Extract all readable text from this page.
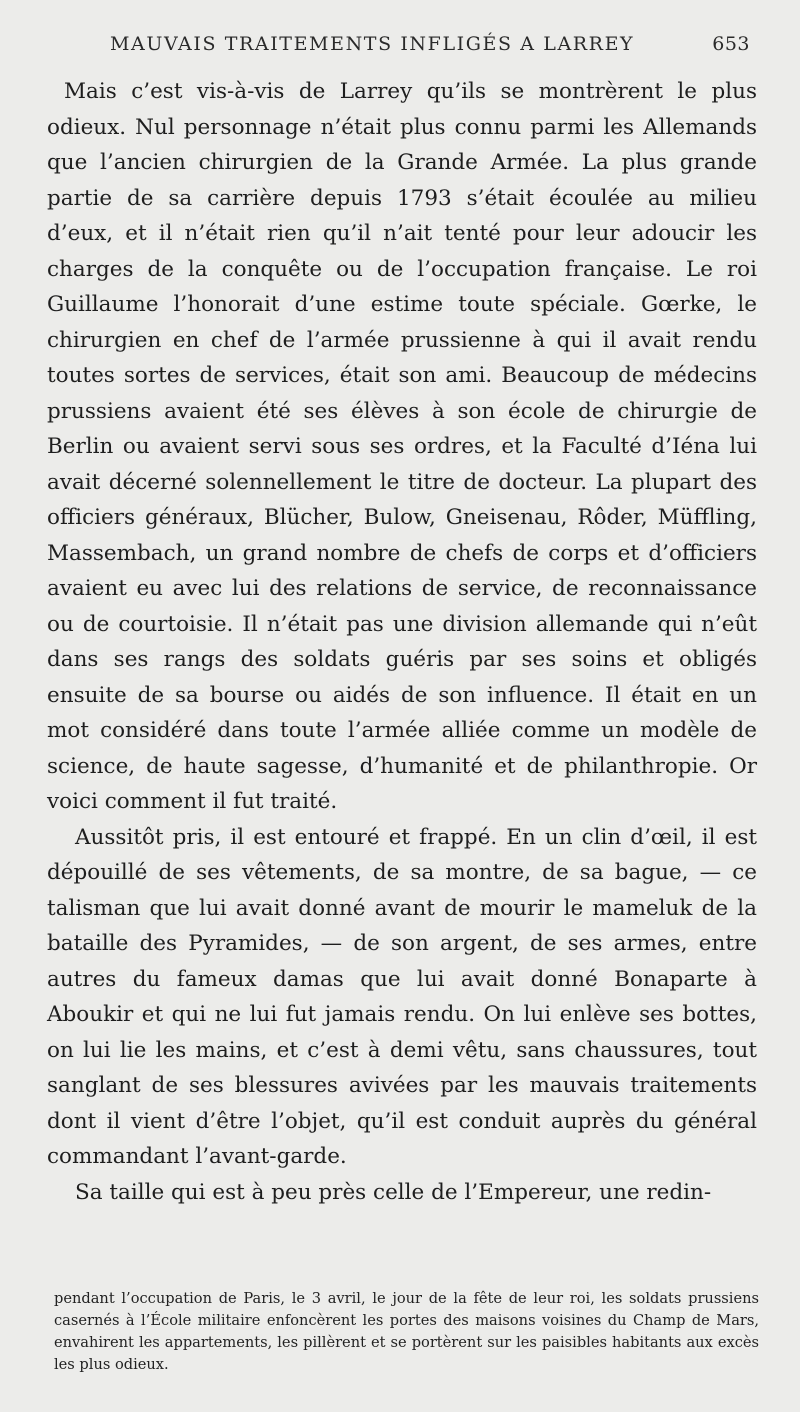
MAUVAIS TRAITEMENTS INFLIGÉS A LARREY	653

Mais c’est vis-à-vis de Larrey qu’ils se montrèrent le plus odieux. Nul personnage n’était plus connu parmi les Allemands que l’ancien chirurgien de la Grande Armée. La plus grande partie de sa carrière depuis 1793 s’était écoulée au milieu d’eux, et il n’était rien qu’il n’ait tenté pour leur adoucir les charges de la conquête ou de l’occupation française. Le roi Guillaume l’honorait d’une estime toute spéciale. Gœrke, le chirurgien en chef de l’armée prussienne à qui il avait rendu toutes sortes de services, était son ami. Beaucoup de médecins prussiens avaient été ses élèves à son école de chirurgie de Berlin ou avaient servi sous ses ordres, et la Faculté d’Iéna lui avait décerné solennellement le titre de docteur. La plupart des officiers généraux, Blücher, Bulow, Gneisenau, Rôder, Müffling, Massembach, un grand nombre de chefs de corps et d’officiers avaient eu avec lui des relations de service, de reconnaissance ou de courtoisie. Il n’était pas une division allemande qui n’eût dans ses rangs des soldats guéris par ses soins et obligés ensuite de sa bourse ou aidés de son influence. Il était en un mot considéré dans toute l’armée alliée comme un modèle de science, de haute sagesse, d’humanité et de philanthropie. Or voici comment il fut traité.

Aussitôt pris, il est entouré et frappé. En un clin d’œil, il est dépouillé de ses vêtements, de sa montre, de sa bague, — ce talisman que lui avait donné avant de mourir le mameluk de la bataille des Pyramides, — de son argent, de ses armes, entre autres du fameux damas que lui avait donné Bonaparte à Aboukir et qui ne lui fut jamais rendu. On lui enlève ses bottes, on lui lie les mains, et c’est à demi vêtu, sans chaussures, tout sanglant de ses blessures avivées par les mauvais traitements dont il vient d’être l’objet, qu’il est conduit auprès du général commandant l’avant-garde.

Sa taille qui est à peu près celle de l’Empereur, une redin-

pendant l’occupation de Paris, le 3 avril, le jour de la fête de leur roi, les soldats prussiens casernés à l’École militaire enfoncèrent les portes des maisons voisines du Champ de Mars, envahirent les appartements, les pillèrent et se portèrent sur les paisibles habitants aux excès les plus odieux.
